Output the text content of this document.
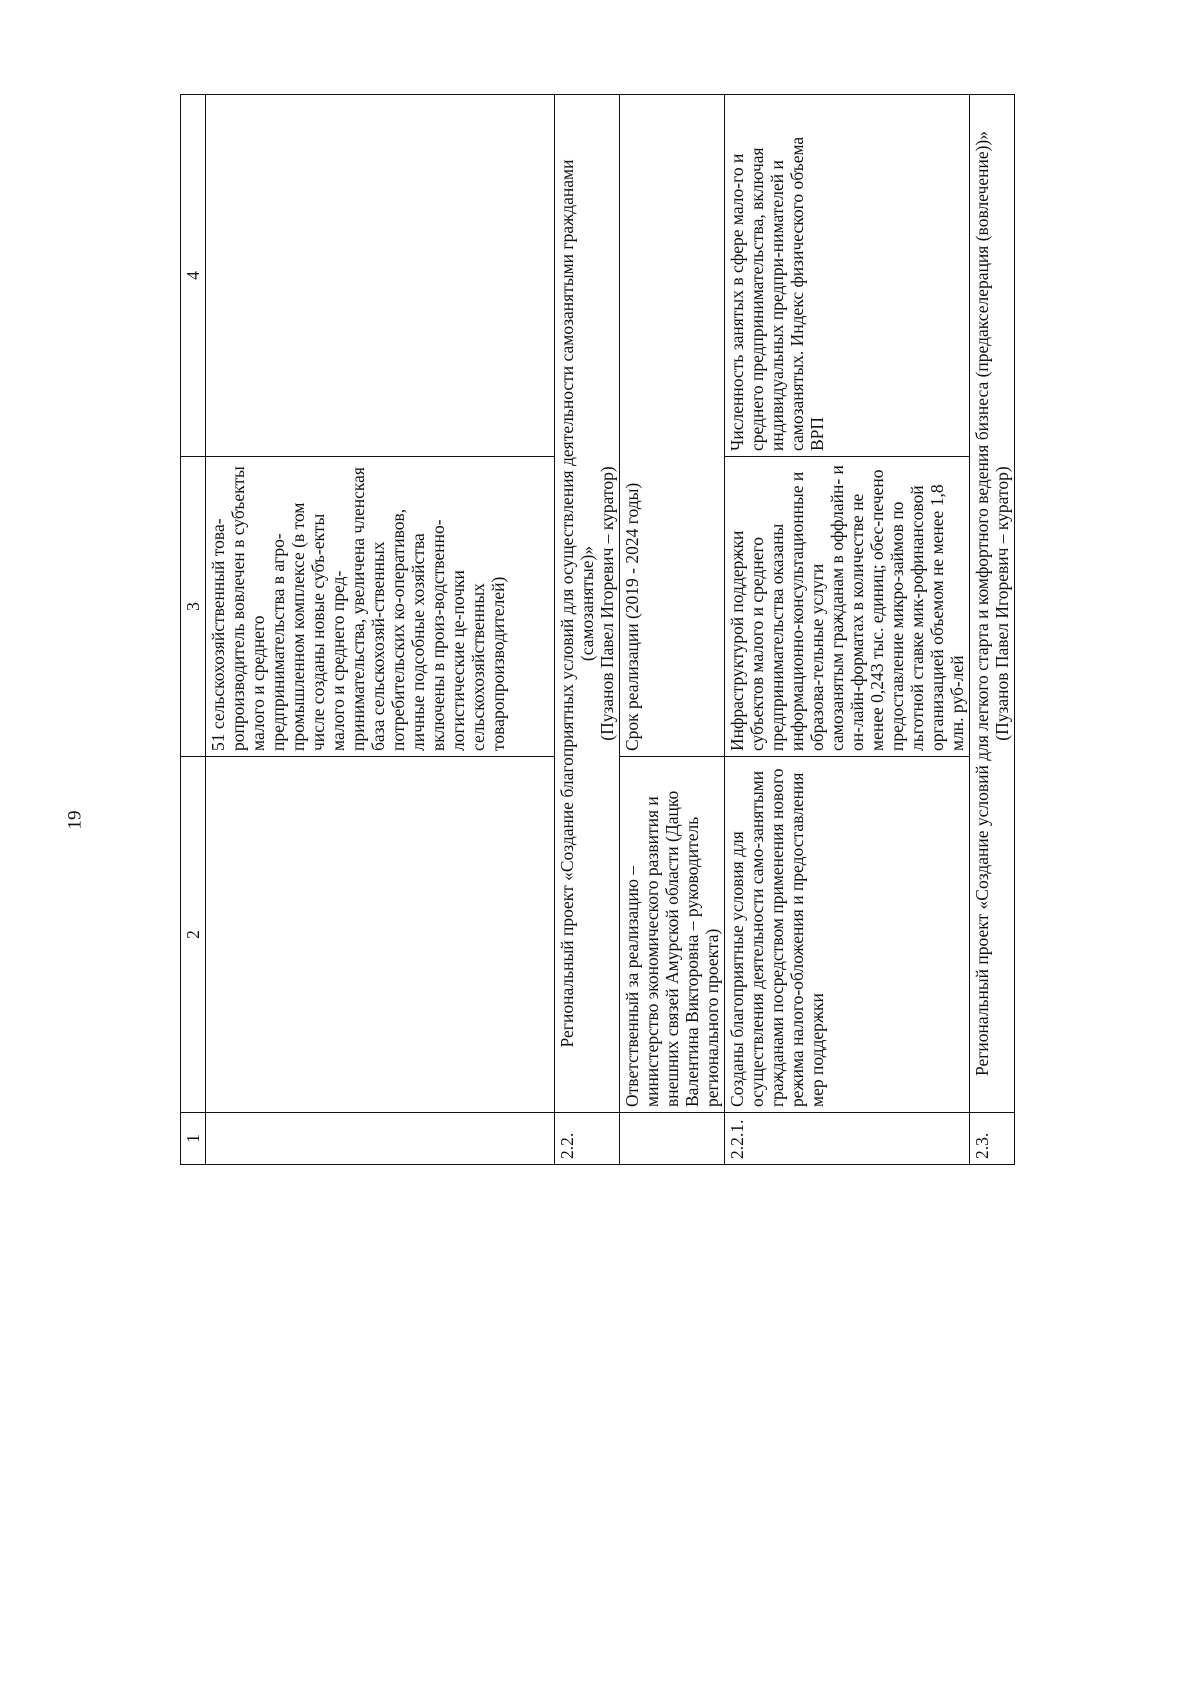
19
1	2	3	4
		51 сельскохозяйственный това-ропроизводитель вовлечен в субъекты малого и среднего предпринимательства в агро-промышленном комплексе (в том числе созданы новые субъ-екты малого и среднего пред-принимательства, увеличена членская база сельскохозяй-ственных потребительских ко-оперативов, личные подсобные хозяйства включены в произ-водственно-логистические це-почки сельскохозяйственных товаропроизводителей)	
2.2.	Региональный проект «Создание благоприятных условий для осуществления деятельности самозанятыми гражданами (самозанятые)» (Пузанов Павел Игоревич – куратор)		

	Ответственный за реализацию – министерство экономического развития и внешних связей Амурской области (Дацко Валентина Викторовна – руководитель регионального проекта)	Срок реализации (2019 - 2024 годы)	
2.2.1.	Созданы благоприятные условия для осуществления деятельности само-занятыми гражданами посредством применения нового режима налого-обложения и предоставления мер поддержки	Инфраструктурой поддержки субъектов малого и среднего предпринимательства оказаны информационно-консультационные и образова-тельные услуги самозанятым гражданам в оффлайн- и он-лайн-форматах в количестве не менее 0,243 тыс. единиц; обес-печено предоставление микро-займов по льготной ставке мик-рофинансовой организацией объемом не менее 1,8 млн. руб-лей	Численность занятых в сфере мало-го и среднего предпринимательства, включая индивидуальных предпри-нимателей и самозанятых. Индекс физического объема ВРП
2.3.	Региональный проект «Создание условий для легкого старта и комфортного ведения бизнеса (предакселерация (вовлечение))» (Пузанов Павел Игоревич – куратор)		
